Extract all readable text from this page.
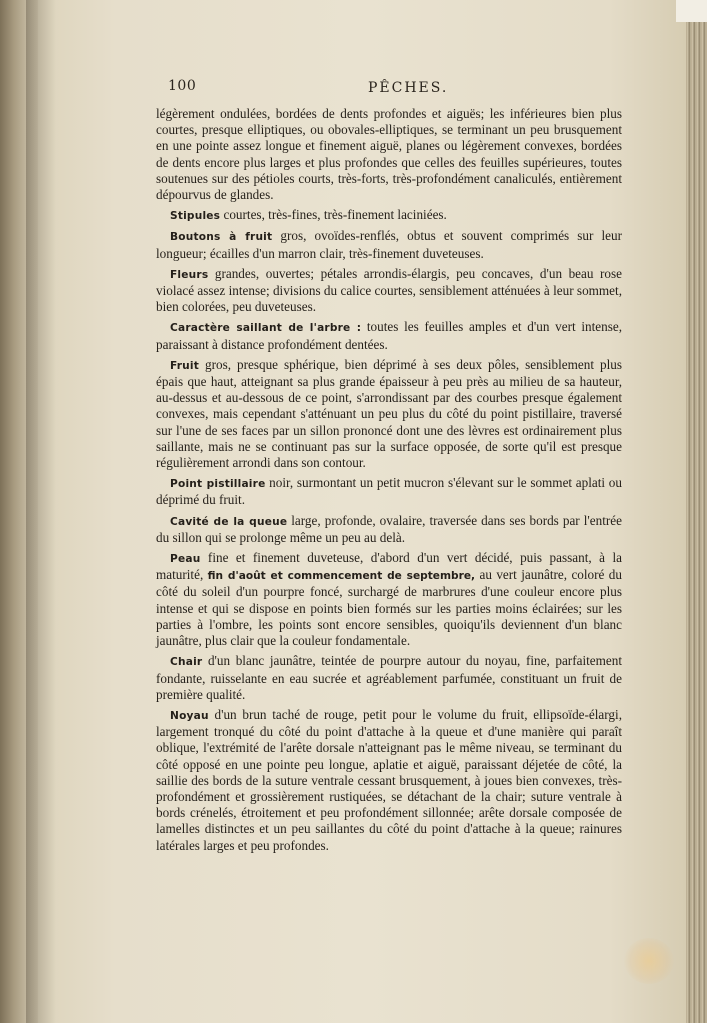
100	PÊCHES.

légèrement ondulées, bordées de dents profondes et aiguës; les inférieures bien plus courtes, presque elliptiques, ou obovales-elliptiques, se terminant un peu brusquement en une pointe assez longue et finement aiguë, planes ou légèrement convexes, bordées de dents encore plus larges et plus profondes que celles des feuilles supérieures, toutes soutenues sur des pétioles courts, très-forts, très-profondément canaliculés, entièrement dépourvus de glandes.

Stipules courtes, très-fines, très-finement laciniées.

Boutons à fruit gros, ovoïdes-renflés, obtus et souvent comprimés sur leur longueur; écailles d'un marron clair, très-finement duveteuses.

Fleurs grandes, ouvertes; pétales arrondis-élargis, peu concaves, d'un beau rose violacé assez intense; divisions du calice courtes, sensiblement atténuées à leur sommet, bien colorées, peu duveteuses.

Caractère saillant de l'arbre : toutes les feuilles amples et d'un vert intense, paraissant à distance profondément dentées.

Fruit gros, presque sphérique, bien déprimé à ses deux pôles, sensiblement plus épais que haut, atteignant sa plus grande épaisseur à peu près au milieu de sa hauteur, au-dessus et au-dessous de ce point, s'arrondissant par des courbes presque également convexes, mais cependant s'atténuant un peu plus du côté du point pistillaire, traversé sur l'une de ses faces par un sillon prononcé dont une des lèvres est ordinairement plus saillante, mais ne se continuant pas sur la surface opposée, de sorte qu'il est presque régulièrement arrondi dans son contour.

Point pistillaire noir, surmontant un petit mucron s'élevant sur le sommet aplati ou déprimé du fruit.

Cavité de la queue large, profonde, ovalaire, traversée dans ses bords par l'entrée du sillon qui se prolonge même un peu au delà.

Peau fine et finement duveteuse, d'abord d'un vert décidé, puis passant, à la maturité, fin d'août et commencement de septembre, au vert jaunâtre, coloré du côté du soleil d'un pourpre foncé, surchargé de marbrures d'une couleur encore plus intense et qui se dispose en points bien formés sur les parties moins éclairées; sur les parties à l'ombre, les points sont encore sensibles, quoiqu'ils deviennent d'un blanc jaunâtre, plus clair que la couleur fondamentale.

Chair d'un blanc jaunâtre, teintée de pourpre autour du noyau, fine, parfaitement fondante, ruisselante en eau sucrée et agréablement parfumée, constituant un fruit de première qualité.

Noyau d'un brun taché de rouge, petit pour le volume du fruit, ellipsoïde-élargi, largement tronqué du côté du point d'attache à la queue et d'une manière qui paraît oblique, l'extrémité de l'arête dorsale n'atteignant pas le même niveau, se terminant du côté opposé en une pointe peu longue, aplatie et aiguë, paraissant déjetée de côté, la saillie des bords de la suture ventrale cessant brusquement, à joues bien convexes, très-profondément et grossièrement rustiquées, se détachant de la chair; suture ventrale à bords crénelés, étroitement et peu profondément sillonnée; arête dorsale composée de lamelles distinctes et un peu saillantes du côté du point d'attache à la queue; rainures latérales larges et peu profondes.
